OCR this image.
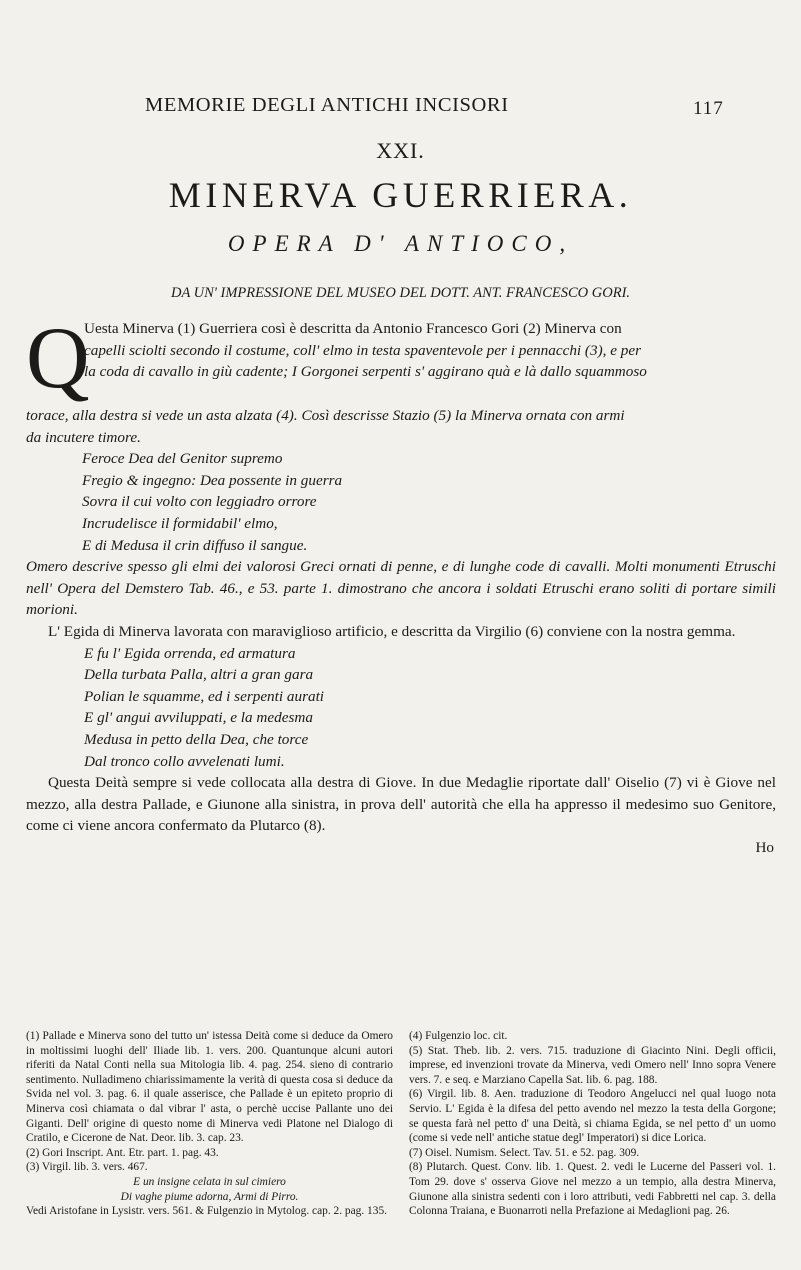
MEMORIE DEGLI ANTICHI INCISORI	117
XXI.
MINERVA GUERRIERA.
OPERA D' ANTIOCO,
DA UN' IMPRESSIONE DEL MUSEO DEL DOTT. ANT. FRANCESCO GORI.
Q
Uesta Minerva (1) Guerriera così è descritta da Antonio Francesco Gori (2) Minerva con
capelli sciolti secondo il costume, coll' elmo in testa spaventevole per i pennacchi (3), e per
la coda di cavallo in giù cadente; I Gorgonei serpenti s' aggirano quà e là dallo squammoso
torace, alla destra si vede un asta alzata (4). Così descrisse Stazio (5) la Minerva ornata con armi
da incutere timore.
Feroce Dea del Genitor supremo
Fregio & ingegno: Dea possente in guerra
Sovra il cui volto con leggiadro orrore
Incrudelisce il formidabil' elmo,
E di Medusa il crin diffuso il sangue.

Omero descrive spesso gli elmi dei valorosi Greci ornati di penne, e di lunghe code di cavalli. Molti monumenti Etruschi nell' Opera del Demstero Tab. 46., e 53. parte 1. dimostrano che ancora i soldati Etruschi erano soliti di portare simili morioni.

L' Egida di Minerva lavorata con maraviglioso artificio, e descritta da Virgilio (6) conviene con la nostra gemma.

E fu l' Egida orrenda, ed armatura
Della turbata Palla, altri a gran gara
Polian le squamme, ed i serpenti aurati
E gl' angui avviluppati, e la medesma
Medusa in petto della Dea, che torce
Dal tronco collo avvelenati lumi.

Questa Deità sempre si vede collocata alla destra di Giove. In due Medaglie riportate dall' Oiselio (7) vi è Giove nel mezzo, alla destra Pallade, e Giunone alla sinistra, in prova dell' autorità che ella ha appresso il medesimo suo Genitore, come ci viene ancora confermato da Plutarco (8).

Ho

(1) Pallade e Minerva sono del tutto un' istessa Deità come si deduce da Omero in moltissimi luoghi dell' Iliade lib. 1. vers. 200. Quantunque alcuni autori riferiti da Natal Conti nella sua Mitologia lib. 4. pag. 254. sieno di contrario sentimento. Nulladimeno chiarissimamente la verità di questa cosa si deduce da Svida nel vol. 3. pag. 6. il quale asserisce, che Pallade è un epiteto proprio di Minerva così chiamata o dal vibrar l' asta, o perchè uccise Pallante uno dei Giganti. Dell' origine di questo nome di Minerva vedi Platone nel Dialogo di Cratilo, e Cicerone de Nat. Deor. lib. 3. cap. 23.

(2) Gori Inscript. Ant. Etr. part. 1. pag. 43.

(3) Virgil. lib. 3. vers. 467.

E un insigne celata in sul cimiero

Di vaghe piume adorna, Armi di Pirro.

Vedi Aristofane in Lysistr. vers. 561. & Fulgenzio in Mytolog. cap. 2. pag. 135.

(4) Fulgenzio loc. cit.

(5) Stat. Theb. lib. 2. vers. 715. traduzione di Giacinto Nini. Degli officii, imprese, ed invenzioni trovate da Minerva, vedi Omero nell' Inno sopra Venere vers. 7. e seq. e Marziano Capella Sat. lib. 6. pag. 188.

(6) Virgil. lib. 8. Aen. traduzione di Teodoro Angelucci nel qual luogo nota Servio. L' Egida è la difesa del petto avendo nel mezzo la testa della Gorgone; se questa farà nel petto d' una Deità, si chiama Egida, se nel petto d' un uomo (come si vede nell' antiche statue degl' Imperatori) si dice Lorica.

(7) Oisel. Numism. Select. Tav. 51. e 52. pag. 309.

(8) Plutarch. Quest. Conv. lib. 1. Quest. 2. vedi le Lucerne del Passeri vol. 1. Tom 29. dove s' osserva Giove nel mezzo a un tempio, alla destra Minerva, Giunone alla sinistra sedenti con i loro attributi, vedi Fabbretti nel cap. 3. della Colonna Traiana, e Buonarroti nella Prefazione ai Medaglioni pag. 26.
